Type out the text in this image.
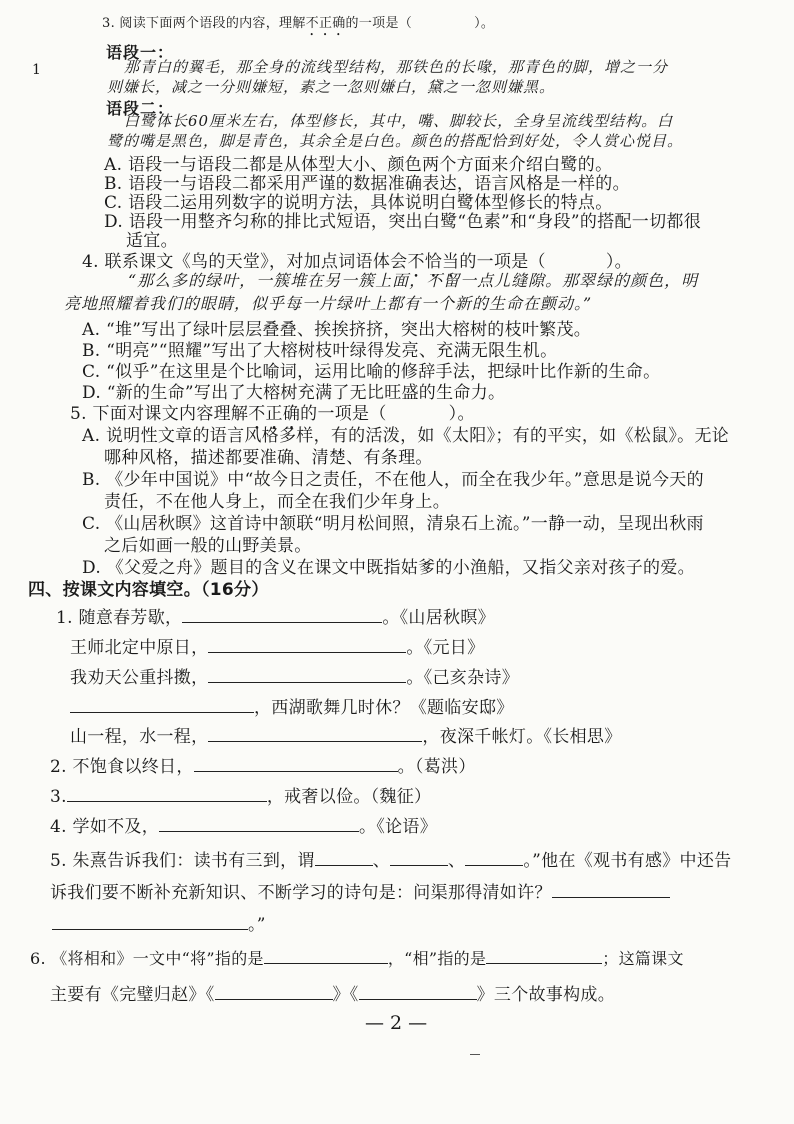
1
3. 阅读下面两个语段的内容，理解不正确的一项是（	）。
语段一：
那青白的翼毛，那全身的流线型结构，那铁色的长喙，那青色的脚，增之一分
则嫌长，减之一分则嫌短，素之一忽则嫌白，黛之一忽则嫌黑。
语段二：
白鹭体长60厘米左右，体型修长，其中，嘴、脚较长，全身呈流线型结构。白
鹭的嘴是黑色，脚是青色，其余全是白色。颜色的搭配恰到好处，令人赏心悦目。
A. 语段一与语段二都是从体型大小、颜色两个方面来介绍白鹭的。
B. 语段一与语段二都采用严谨的数据准确表达，语言风格是一样的。
C. 语段二运用列数字的说明方法，具体说明白鹭体型修长的特点。
D. 语段一用整齐匀称的排比式短语，突出白鹭“色素”和“身段”的搭配一切都很
适宜。
4. 联系课文《鸟的天堂》，对加点词语体会不恰当的一项是（	）。
“那么多的绿叶，一簇堆在另一簇上面，不留一点儿缝隙。那翠绿的颜色，明
亮地照耀着我们的眼睛，似乎每一片绿叶上都有一个新的生命在颤动。”
A. “堆”写出了绿叶层层叠叠、挨挨挤挤，突出大榕树的枝叶繁茂。
B. “明亮”“照耀”写出了大榕树枝叶绿得发亮、充满无限生机。
C. “似乎”在这里是个比喻词，运用比喻的修辞手法，把绿叶比作新的生命。
D. “新的生命”写出了大榕树充满了无比旺盛的生命力。
5. 下面对课文内容理解不正确的一项是（	）。
A. 说明性文章的语言风格多样，有的活泼，如《太阳》；有的平实，如《松鼠》。无论
哪种风格，描述都要准确、清楚、有条理。
B. 《少年中国说》中“故今日之责任，不在他人，而全在我少年。”意思是说今天的
责任，不在他人身上，而全在我们少年身上。
C. 《山居秋暝》这首诗中颔联“明月松间照，清泉石上流。”一静一动，呈现出秋雨
之后如画一般的山野美景。
D. 《父爱之舟》题目的含义在课文中既指姑爹的小渔船，又指父亲对孩子的爱。
四、按课文内容填空。（16分）
1. 随意春芳歇，	。《山居秋暝》
王师北定中原日，	。《元日》
我劝天公重抖擞，	。《己亥杂诗》
，西湖歌舞几时休？《题临安邸》
山一程，水一程，	，夜深千帐灯。《长相思》
2. 不饱食以终日，	。（葛洪）
3.	，戒奢以俭。（魏征）
4. 学如不及，	。《论语》
5. 朱熹告诉我们：读书有三到，谓	、	、	。”他在《观书有感》中还告
诉我们要不断补充新知识、不断学习的诗句是：问渠那得清如许？
。”
6. 《将相和》一文中“将”指的是	，“相”指的是	；这篇课文
主要有《完璧归赵》《	》《	》三个故事构成。
— 2 —
